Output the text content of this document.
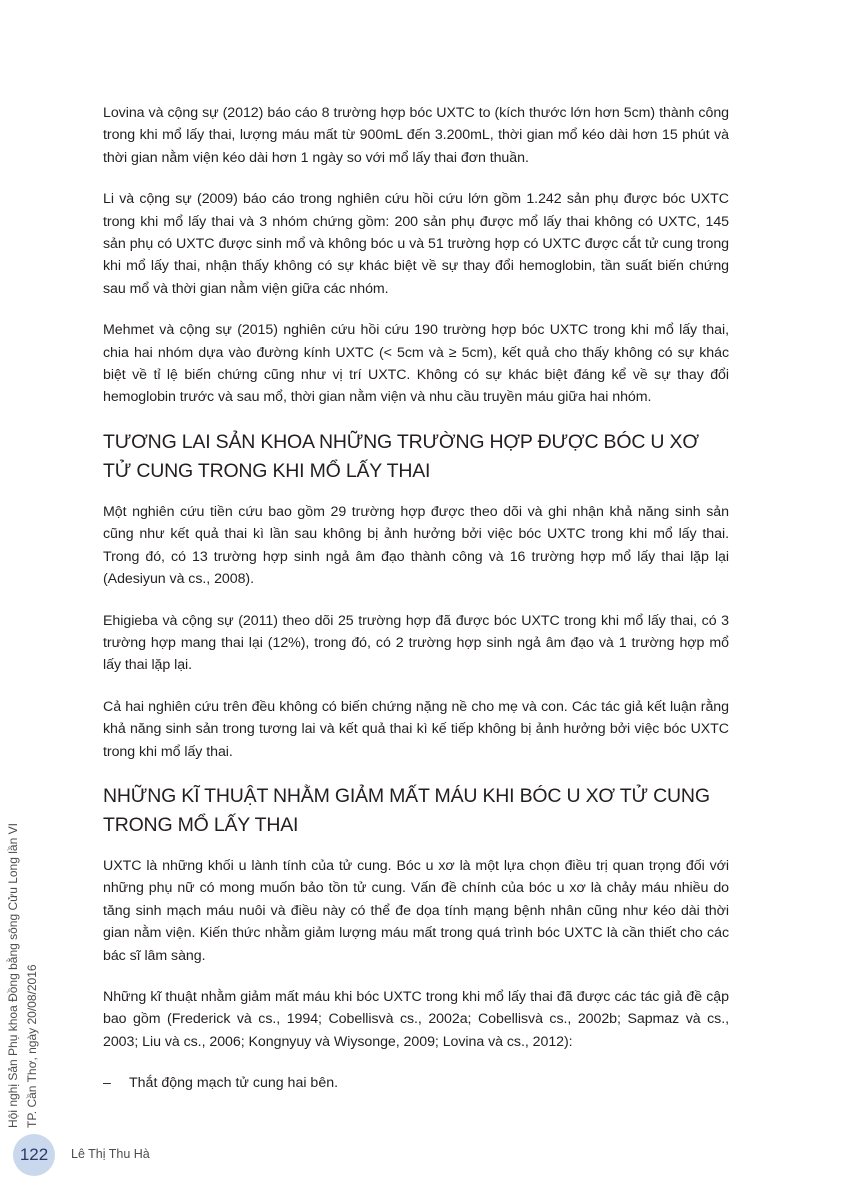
Hội nghị Sản Phụ khoa Đồng bằng sông Cửu Long lần VI TP. Cần Thơ, ngày 20/08/2016

Lovina và cộng sự (2012) báo cáo 8 trường hợp bóc UXTC to (kích thước lớn hơn 5cm) thành công trong khi mổ lấy thai, lượng máu mất từ 900mL đến 3.200mL, thời gian mổ kéo dài hơn 15 phút và thời gian nằm viện kéo dài hơn 1 ngày so với mổ lấy thai đơn thuần.

Li và cộng sự (2009) báo cáo trong nghiên cứu hồi cứu lớn gồm 1.242 sản phụ được bóc UXTC trong khi mổ lấy thai và 3 nhóm chứng gồm: 200 sản phụ được mổ lấy thai không có UXTC, 145 sản phụ có UXTC được sinh mổ và không bóc u và 51 trường hợp có UXTC được cắt tử cung trong khi mổ lấy thai, nhận thấy không có sự khác biệt về sự thay đổi hemoglobin, tần suất biến chứng sau mổ và thời gian nằm viện giữa các nhóm.

Mehmet và cộng sự (2015) nghiên cứu hồi cứu 190 trường hợp bóc UXTC trong khi mổ lấy thai, chia hai nhóm dựa vào đường kính UXTC (< 5cm và ≥ 5cm), kết quả cho thấy không có sự khác biệt về tỉ lệ biến chứng cũng như vị trí UXTC. Không có sự khác biệt đáng kể về sự thay đổi hemoglobin trước và sau mổ, thời gian nằm viện và nhu cầu truyền máu giữa hai nhóm.

TƯƠNG LAI SẢN KHOA NHỮNG TRƯỜNG HỢP ĐƯỢC BÓC U XƠ TỬ CUNG TRONG KHI MỔ LẤY THAI

Một nghiên cứu tiền cứu bao gồm 29 trường hợp được theo dõi và ghi nhận khả năng sinh sản cũng như kết quả thai kì lần sau không bị ảnh hưởng bởi việc bóc UXTC trong khi mổ lấy thai. Trong đó, có 13 trường hợp sinh ngả âm đạo thành công và 16 trường hợp mổ lấy thai lặp lại (Adesiyun và cs., 2008).

Ehigieba và cộng sự (2011) theo dõi 25 trường hợp đã được bóc UXTC trong khi mổ lấy thai, có 3 trường hợp mang thai lại (12%), trong đó, có 2 trường hợp sinh ngả âm đạo và 1 trường hợp mổ lấy thai lặp lại.

Cả hai nghiên cứu trên đều không có biến chứng nặng nề cho mẹ và con. Các tác giả kết luận rằng khả năng sinh sản trong tương lai và kết quả thai kì kế tiếp không bị ảnh hưởng bởi việc bóc UXTC trong khi mổ lấy thai.

NHỮNG KĨ THUẬT NHẰM GIẢM MẤT MÁU KHI BÓC U XƠ TỬ CUNG TRONG MỔ LẤY THAI

UXTC là những khối u lành tính của tử cung. Bóc u xơ là một lựa chọn điều trị quan trọng đối với những phụ nữ có mong muốn bảo tồn tử cung. Vấn đề chính của bóc u xơ là chảy máu nhiều do tăng sinh mạch máu nuôi và điều này có thể đe dọa tính mạng bệnh nhân cũng như kéo dài thời gian nằm viện. Kiến thức nhằm giảm lượng máu mất trong quá trình bóc UXTC là cần thiết cho các bác sĩ lâm sàng.

Những kĩ thuật nhằm giảm mất máu khi bóc UXTC trong khi mổ lấy thai đã được các tác giả đề cập bao gồm (Frederick và cs., 1994; Cobellisvà cs., 2002a; Cobellisvà cs., 2002b; Sapmaz và cs., 2003; Liu và cs., 2006; Kongnyuy và Wiysonge, 2009; Lovina và cs., 2012):

–	Thắt động mạch tử cung hai bên.
122	Lê Thị Thu Hà
